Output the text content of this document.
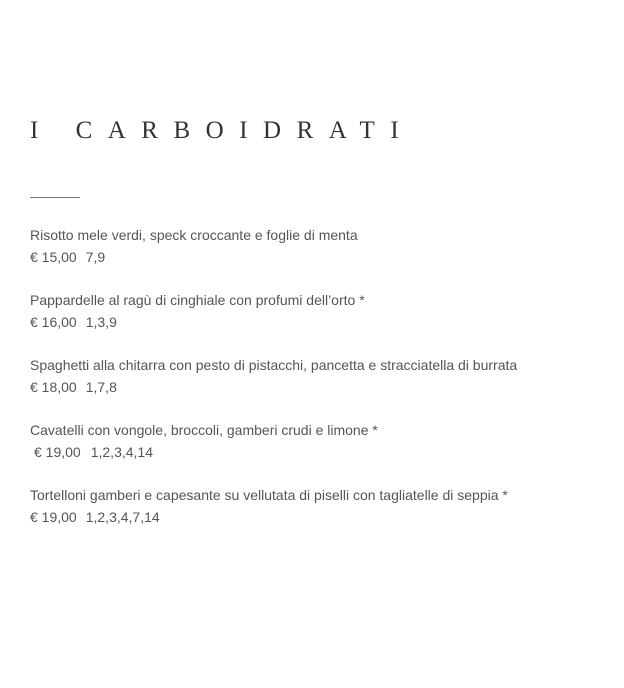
I CARBOIDRATI
Risotto mele verdi, speck croccante e foglie di menta
€ 15,00 7,9
Pappardelle al ragù di cinghiale con profumi dell’orto *
€ 16,00 1,3,9
Spaghetti alla chitarra con pesto di pistacchi, pancetta e stracciatella di burrata
€ 18,00 1,7,8
Cavatelli con vongole, broccoli, gamberi crudi e limone *
€ 19,00 1,2,3,4,14
Tortelloni gamberi e capesante su vellutata di piselli con tagliatelle di seppia *
€ 19,00 1,2,3,4,7,14
